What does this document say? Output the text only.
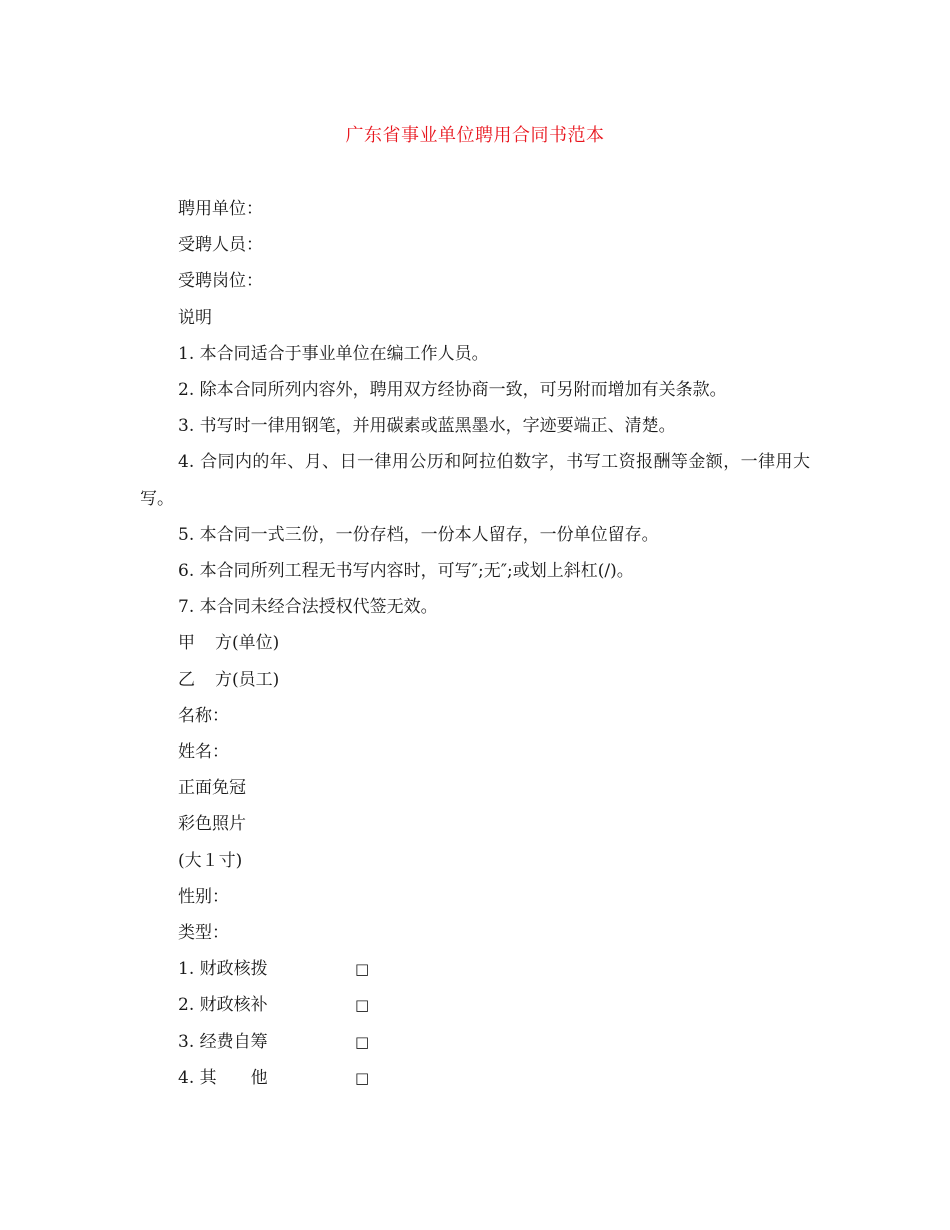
广东省事业单位聘用合同书范本

聘用单位：

受聘人员：

受聘岗位：

说明

1. 本合同适合于事业单位在编工作人员。

2. 除本合同所列内容外，聘用双方经协商一致，可另附而增加有关条款。

3. 书写时一律用钢笔，并用碳素或蓝黑墨水，字迹要端正、清楚。

4. 合同内的年、月、日一律用公历和阿拉伯数字，书写工资报酬等金额，一律用大写。

5. 本合同一式三份，一份存档，一份本人留存，一份单位留存。

6. 本合同所列工程无书写内容时，可写″;无″;或划上斜杠(/)。

7. 本合同未经合法授权代签无效。

甲 方(单位)

乙 方(员工)

名称：

姓名：

正面免冠

彩色照片

(大１寸)

性别：

类型：

1. 财政核拨	□

2. 财政核补	□

3. 经费自筹	□

4. 其　　他	□
